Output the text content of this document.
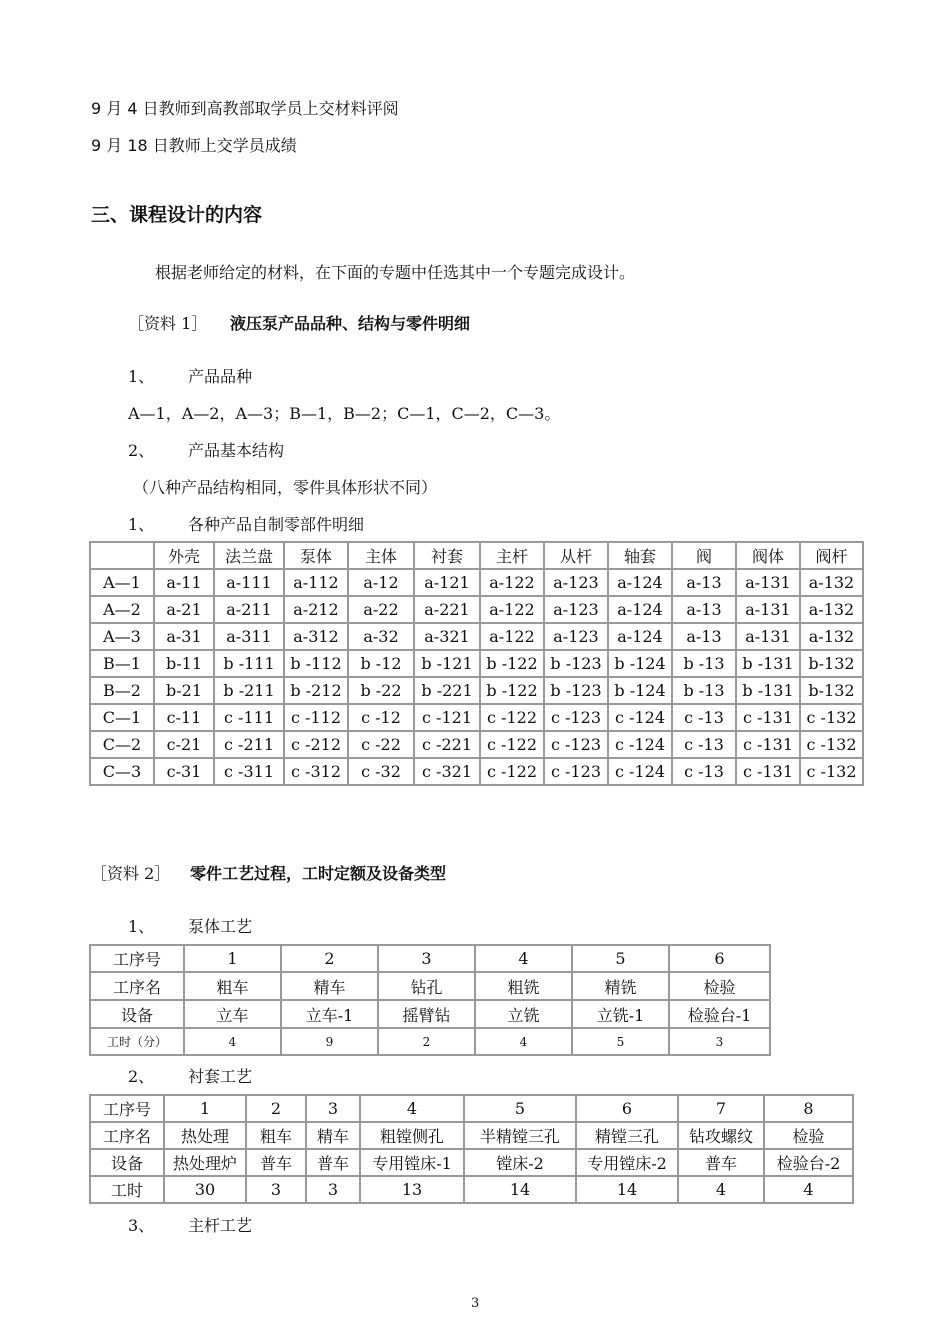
9 月 4 日教师到高教部取学员上交材料评阅
9 月 18 日教师上交学员成绩
三、课程设计的内容
根据老师给定的材料，在下面的专题中任选其中一个专题完成设计。
［资料 1］ 液压泵产品品种、结构与零件明细
1、 产品品种
A—1，A—2，A—3；B—1，B—2；C—1，C—2，C—3。
2、 产品基本结构
（八种产品结构相同，零件具体形状不同）
1、 各种产品自制零部件明细
	外壳	法兰盘	泵体	主体	衬套	主杆	从杆	轴套	阀	阀体	阀杆
A—1	a-11	a-111	a-112	a-12	a-121	a-122	a-123	a-124	a-13	a-131	a-132
A—2	a-21	a-211	a-212	a-22	a-221	a-122	a-123	a-124	a-13	a-131	a-132
A—3	a-31	a-311	a-312	a-32	a-321	a-122	a-123	a-124	a-13	a-131	a-132
B—1	b-11	b -111	b -112	b -12	b -121	b -122	b -123	b -124	b -13	b -131	b-132
B—2	b-21	b -211	b -212	b -22	b -221	b -122	b -123	b -124	b -13	b -131	b-132
C—1	c-11	c -111	c -112	c -12	c -121	c -122	c -123	c -124	c -13	c -131	c -132
C—2	c-21	c -211	c -212	c -22	c -221	c -122	c -123	c -124	c -13	c -131	c -132
C—3	c-31	c -311	c -312	c -32	c -321	c -122	c -123	c -124	c -13	c -131	c -132
［资料 2］ 零件工艺过程，工时定额及设备类型
1、 泵体工艺
工序号	1	2	3	4	5	6
工序名	粗车	精车	钻孔	粗铣	精铣	检验
设备	立车	立车-1	摇臂钻	立铣	立铣-1	检验台-1
工时（分）	4	9	2	4	5	3
2、 衬套工艺
工序号	1	2	3	4	5	6	7	8
工序名	热处理	粗车	精车	粗镗侧孔	半精镗三孔	精镗三孔	钻攻螺纹	检验
设备	热处理炉	普车	普车	专用镗床-1	镗床-2	专用镗床-2	普车	检验台-2
工时	30	3	3	13	14	14	4	4
3、 主杆工艺
3
